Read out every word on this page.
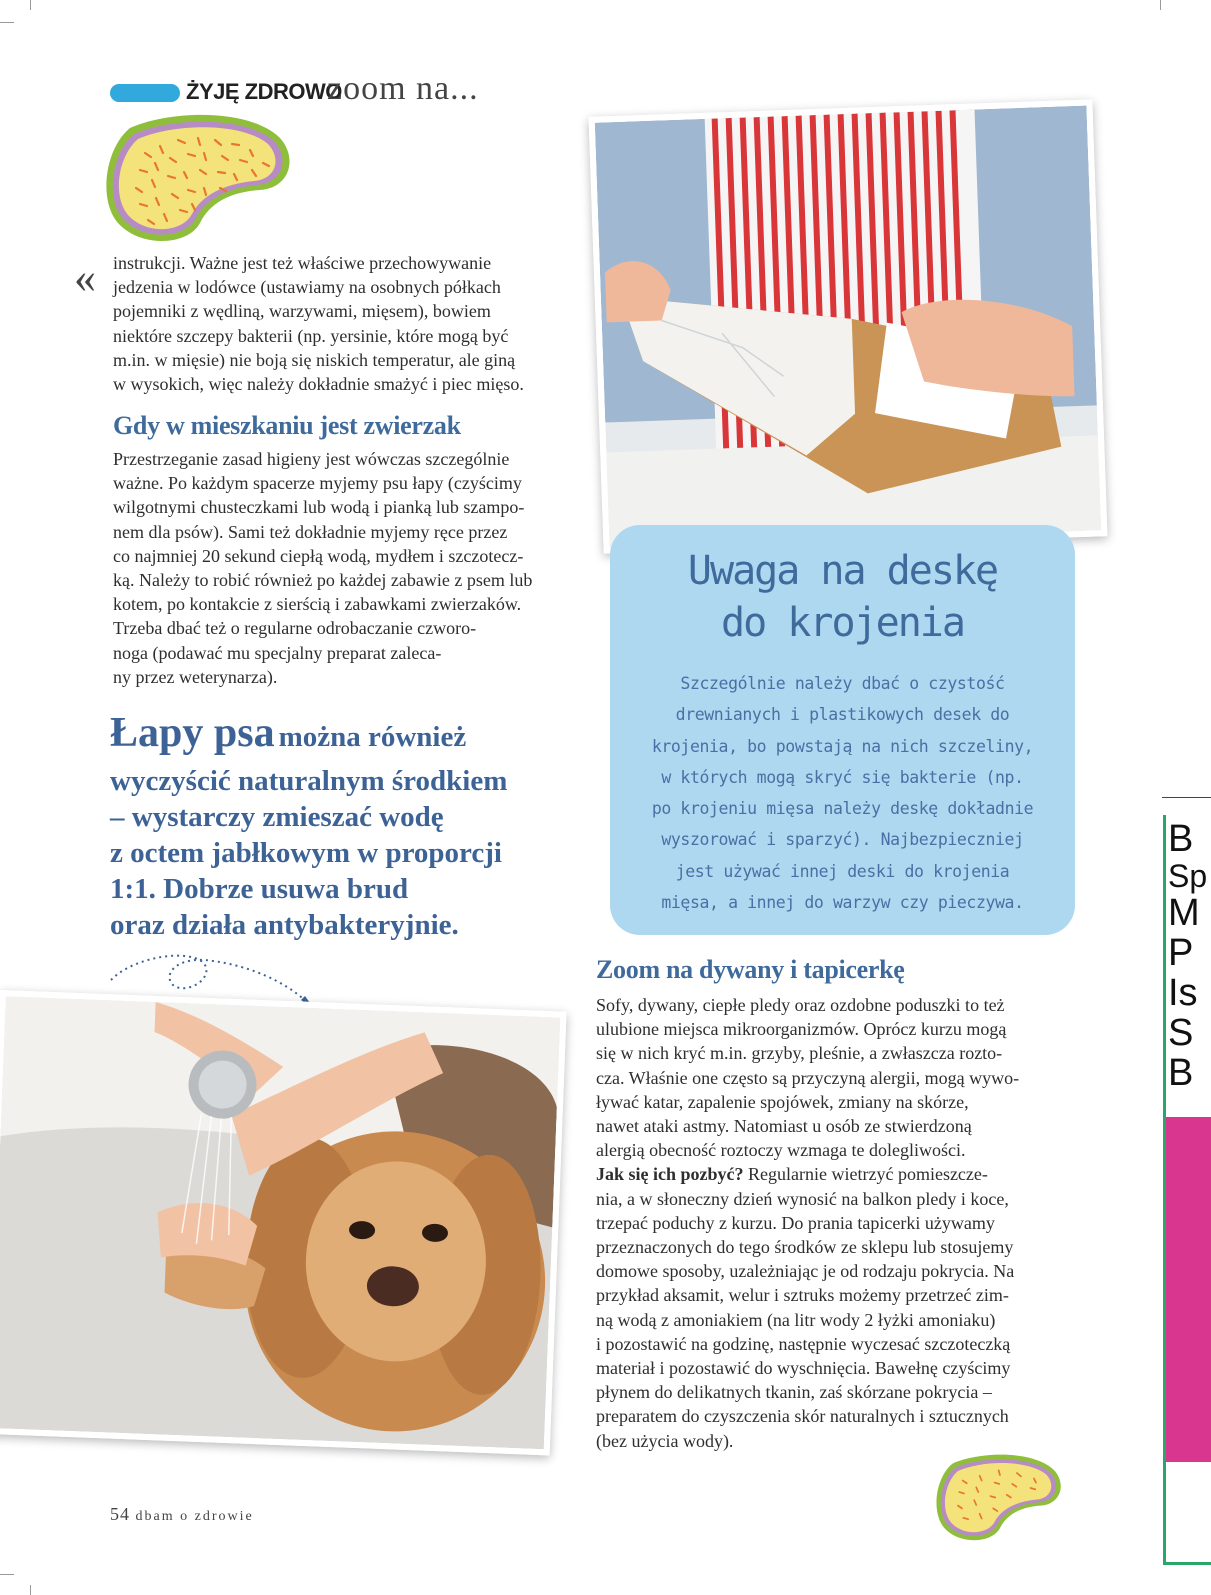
ŻYJĘ ZDROWO
zoom na...
« instrukcji. Ważne jest też właściwe przechowywanie

jedzenia w lodówce (ustawiamy na osobnych półkach

pojemniki z wędliną, warzywami, mięsem), bowiem

niektóre szczepy bakterii (np. yersinie, które mogą być

m.in. w mięsie) nie boją się niskich temperatur, ale giną

w wysokich, więc należy dokładnie smażyć i piec mięso.

Gdy w mieszkaniu jest zwierzak

Przestrzeganie zasad higieny jest wówczas szczególnie

ważne. Po każdym spacerze myjemy psu łapy (czyścimy

wilgotnymi chusteczkami lub wodą i pianką lub szampo-

nem dla psów). Sami też dokładnie myjemy ręce przez

co najmniej 20 sekund ciepłą wodą, mydłem i szczotecz-

ką. Należy to robić również po każdej zabawie z psem lub

kotem, po kontakcie z sierścią i zabawkami zwierzaków.

Trzeba dbać też o regularne odrobaczanie czworo-

noga (podawać mu specjalny preparat zaleca-

ny przez weterynarza).

Łapy psa można również
wyczyścić naturalnym środkiem
– wystarczy zmieszać wodę
z octem jabłkowym w proporcji
1:1. Dobrze usuwa brud
oraz działa antybakteryjnie.
Uwaga na deskę
do krojenia
Szczególnie należy dbać o czystość
drewnianych i plastikowych desek do
krojenia, bo powstają na nich szczeliny,
w których mogą skryć się bakterie (np.
po krojeniu mięsa należy deskę dokładnie
wyszorować i sparzyć). Najbezpieczniej
jest używać innej deski do krojenia
mięsa, a innej do warzyw czy pieczywa.
Zoom na dywany i tapicerkę

Sofy, dywany, ciepłe pledy oraz ozdobne poduszki to też

ulubione miejsca mikroorganizmów. Oprócz kurzu mogą

się w nich kryć m.in. grzyby, pleśnie, a zwłaszcza rozto-

cza. Właśnie one często są przyczyną alergii, mogą wywo-

ływać katar, zapalenie spojówek, zmiany na skórze,

nawet ataki astmy. Natomiast u osób ze stwierdzoną

alergią obecność roztoczy wzmaga te dolegliwości.

Jak się ich pozbyć? Regularnie wietrzyć pomieszcze-

nia, a w słoneczny dzień wynosić na balkon pledy i koce,

trzepać poduchy z kurzu. Do prania tapicerki używamy

przeznaczonych do tego środków ze sklepu lub stosujemy

domowe sposoby, uzależniając je od rodzaju pokrycia. Na

przykład aksamit, welur i sztruks możemy przetrzeć zim-

ną wodą z amoniakiem (na litr wody 2 łyżki amoniaku)

i pozostawić na godzinę, następnie wyczesać szczoteczką

materiał i pozostawić do wyschnięcia. Bawełnę czyścimy

płynem do delikatnych tkanin, zaś skórzane pokrycia –

preparatem do czyszczenia skór naturalnych i sztucznych

(bez użycia wody).

54 dbam o zdrowie
B
Sp
M
P
Is
S
B
